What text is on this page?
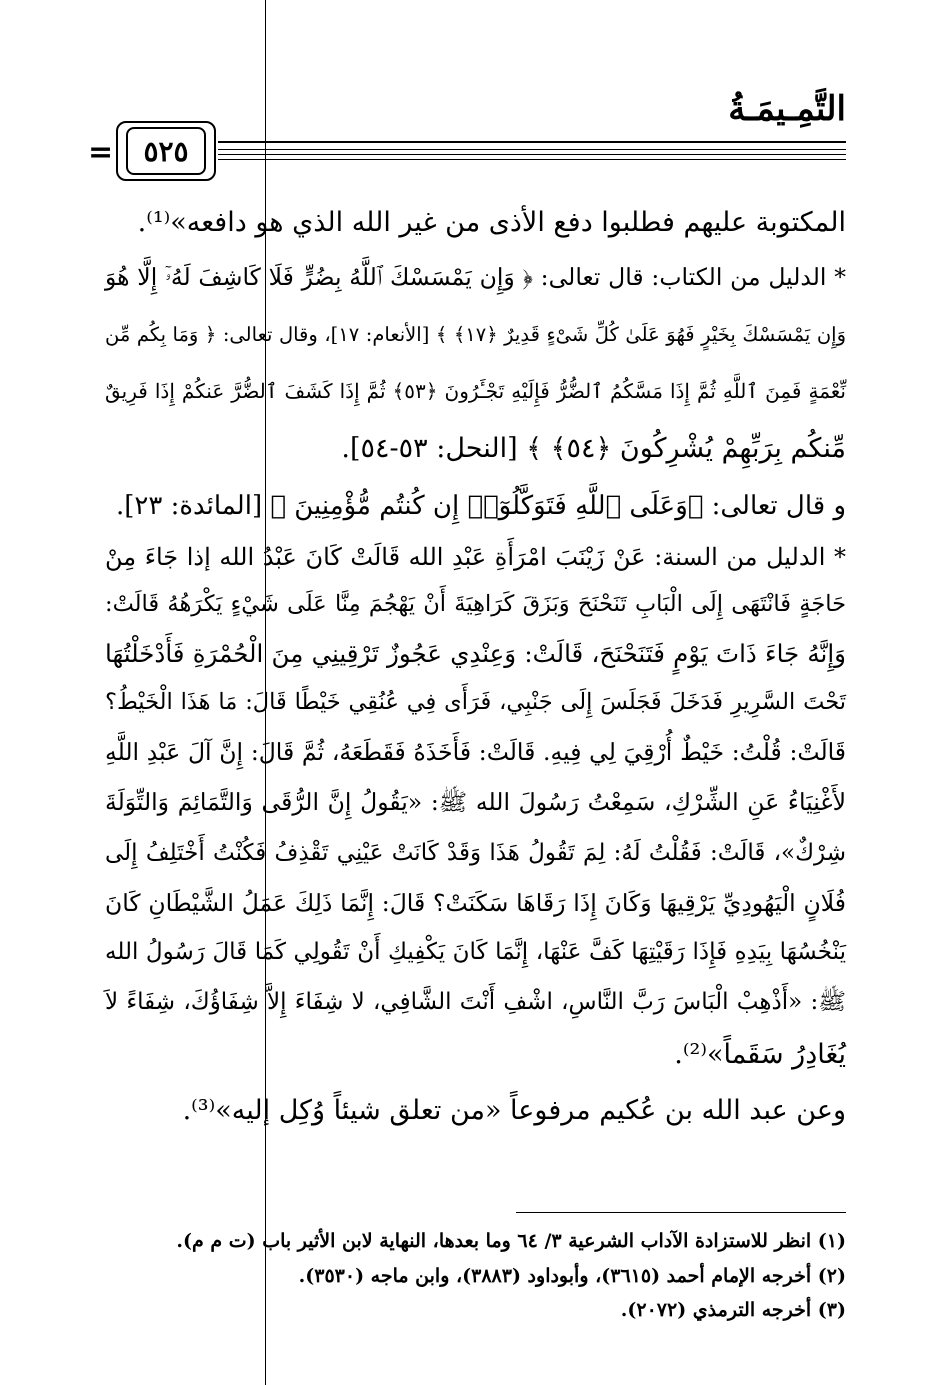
التَّمِـيمَـةُ
=	٥٢٥
المكتوبة عليهم فطلبوا دفع الأذى من غير الله الذي هو دافعه»⁽¹⁾.
* الدليل من الكتاب: قال تعالى: ﴿ وَإِن يَمْسَسْكَ ٱللَّهُ بِضُرٍّ فَلَا كَاشِفَ لَهُۥٓ إِلَّا هُوَ
وَإِن يَمْسَسْكَ بِخَيْرٍ فَهُوَ عَلَىٰ كُلِّ شَىْءٍ قَدِيرٌ ﴿١٧﴾ ﴾ [الأنعام: ١٧]، وقال تعالى: ﴿ وَمَا بِكُم مِّن
نِّعْمَةٍ فَمِنَ ٱللَّهِ ثُمَّ إِذَا مَسَّكُمُ ٱلضُّرُّ فَإِلَيْهِ تَجْـَٔرُونَ ﴿٥٣﴾ ثُمَّ إِذَا كَشَفَ ٱلضُّرَّ عَنكُمْ إِذَا فَرِيقٌ
مِّنكُم بِرَبِّهِمْ يُشْرِكُونَ ﴿٥٤﴾ ﴾ [النحل: ٥٣-٥٤].
و قال تعالى: ﴿وَعَلَى ٱللَّهِ فَتَوَكَّلُوٓا۟ إِن كُنتُم مُّؤْمِنِينَ ﴾ [المائدة: ٢٣].
* الدليل من السنة: عَنْ زَيْنَبَ امْرَأَةِ عَبْدِ الله قَالَتْ كَانَ عَبْدُ الله إذا جَاءَ مِنْ
حَاجَةٍ فَانْتَهَى إِلَى الْبَابِ تَنَحْنَحَ وَبَزَقَ كَرَاهِيَةَ أَنْ يَهْجُمَ مِنَّا عَلَى شَيْءٍ يَكْرَهُهُ قَالَتْ:
وَإِنَّهُ جَاءَ ذَاتَ يَوْمٍ فَتَنَحْنَحَ، قَالَتْ: وَعِنْدِي عَجُوزٌ تَرْقِينِي مِنَ الْحُمْرَةِ فَأَدْخَلْتُهَا
تَحْتَ السَّرِيرِ فَدَخَلَ فَجَلَسَ إِلَى جَنْبِي، فَرَأَى فِي عُنُقِي خَيْطًا قَالَ: مَا هَذَا الْخَيْطُ؟
قَالَتْ: قُلْتُ: خَيْطٌ أُرْقِيَ لِي فِيهِ. قَالَتْ: فَأَخَذَهُ فَقَطَعَهُ، ثُمَّ قَالَ: إِنَّ آلَ عَبْدِ اللَّهِ
لأَغْنِيَاءُ عَنِ الشِّرْكِ، سَمِعْتُ رَسُولَ الله ﷺ: «يَقُولُ إِنَّ الرُّقَى وَالتَّمَائِمَ وَالتِّوَلَةَ
شِرْكٌ»، قَالَتْ: فَقُلْتُ لَهُ: لِمَ تَقُولُ هَذَا وَقَدْ كَانَتْ عَيْنِي تَقْذِفُ فَكُنْتُ أَخْتَلِفُ إِلَى
فُلَانٍ الْيَهُودِيِّ يَرْقِيهَا وَكَانَ إِذَا رَقَاهَا سَكَنَتْ؟ قَالَ: إِنَّمَا ذَلِكَ عَمَلُ الشَّيْطَانِ كَانَ
يَنْخُسُهَا بِيَدِهِ فَإِذَا رَقَيْتِهَا كَفَّ عَنْهَا، إِنَّمَا كَانَ يَكْفِيكِ أَنْ تَقُولِي كَمَا قَالَ رَسُولُ الله
ﷺ: «أَذْهِبْ الْبَاسَ رَبَّ النَّاسِ، اشْفِ أَنْتَ الشَّافِي، لا شِفَاءَ إِلاَّ شِفَاؤُكَ، شِفَاءً لاَ
يُغَادِرُ سَقَماً»⁽²⁾.
وعن عبد الله بن عُكيم مرفوعاً «من تعلق شيئاً وُكِل إليه»⁽³⁾.
(١) انظر للاستزادة الآداب الشرعية ٣/ ٦٤ وما بعدها، النهاية لابن الأثير باب (ت م م).
(٢) أخرجه الإمام أحمد (٣٦١٥)، وأبوداود (٣٨٨٣)، وابن ماجه (٣٥٣٠).
(٣) أخرجه الترمذي (٢٠٧٢).
